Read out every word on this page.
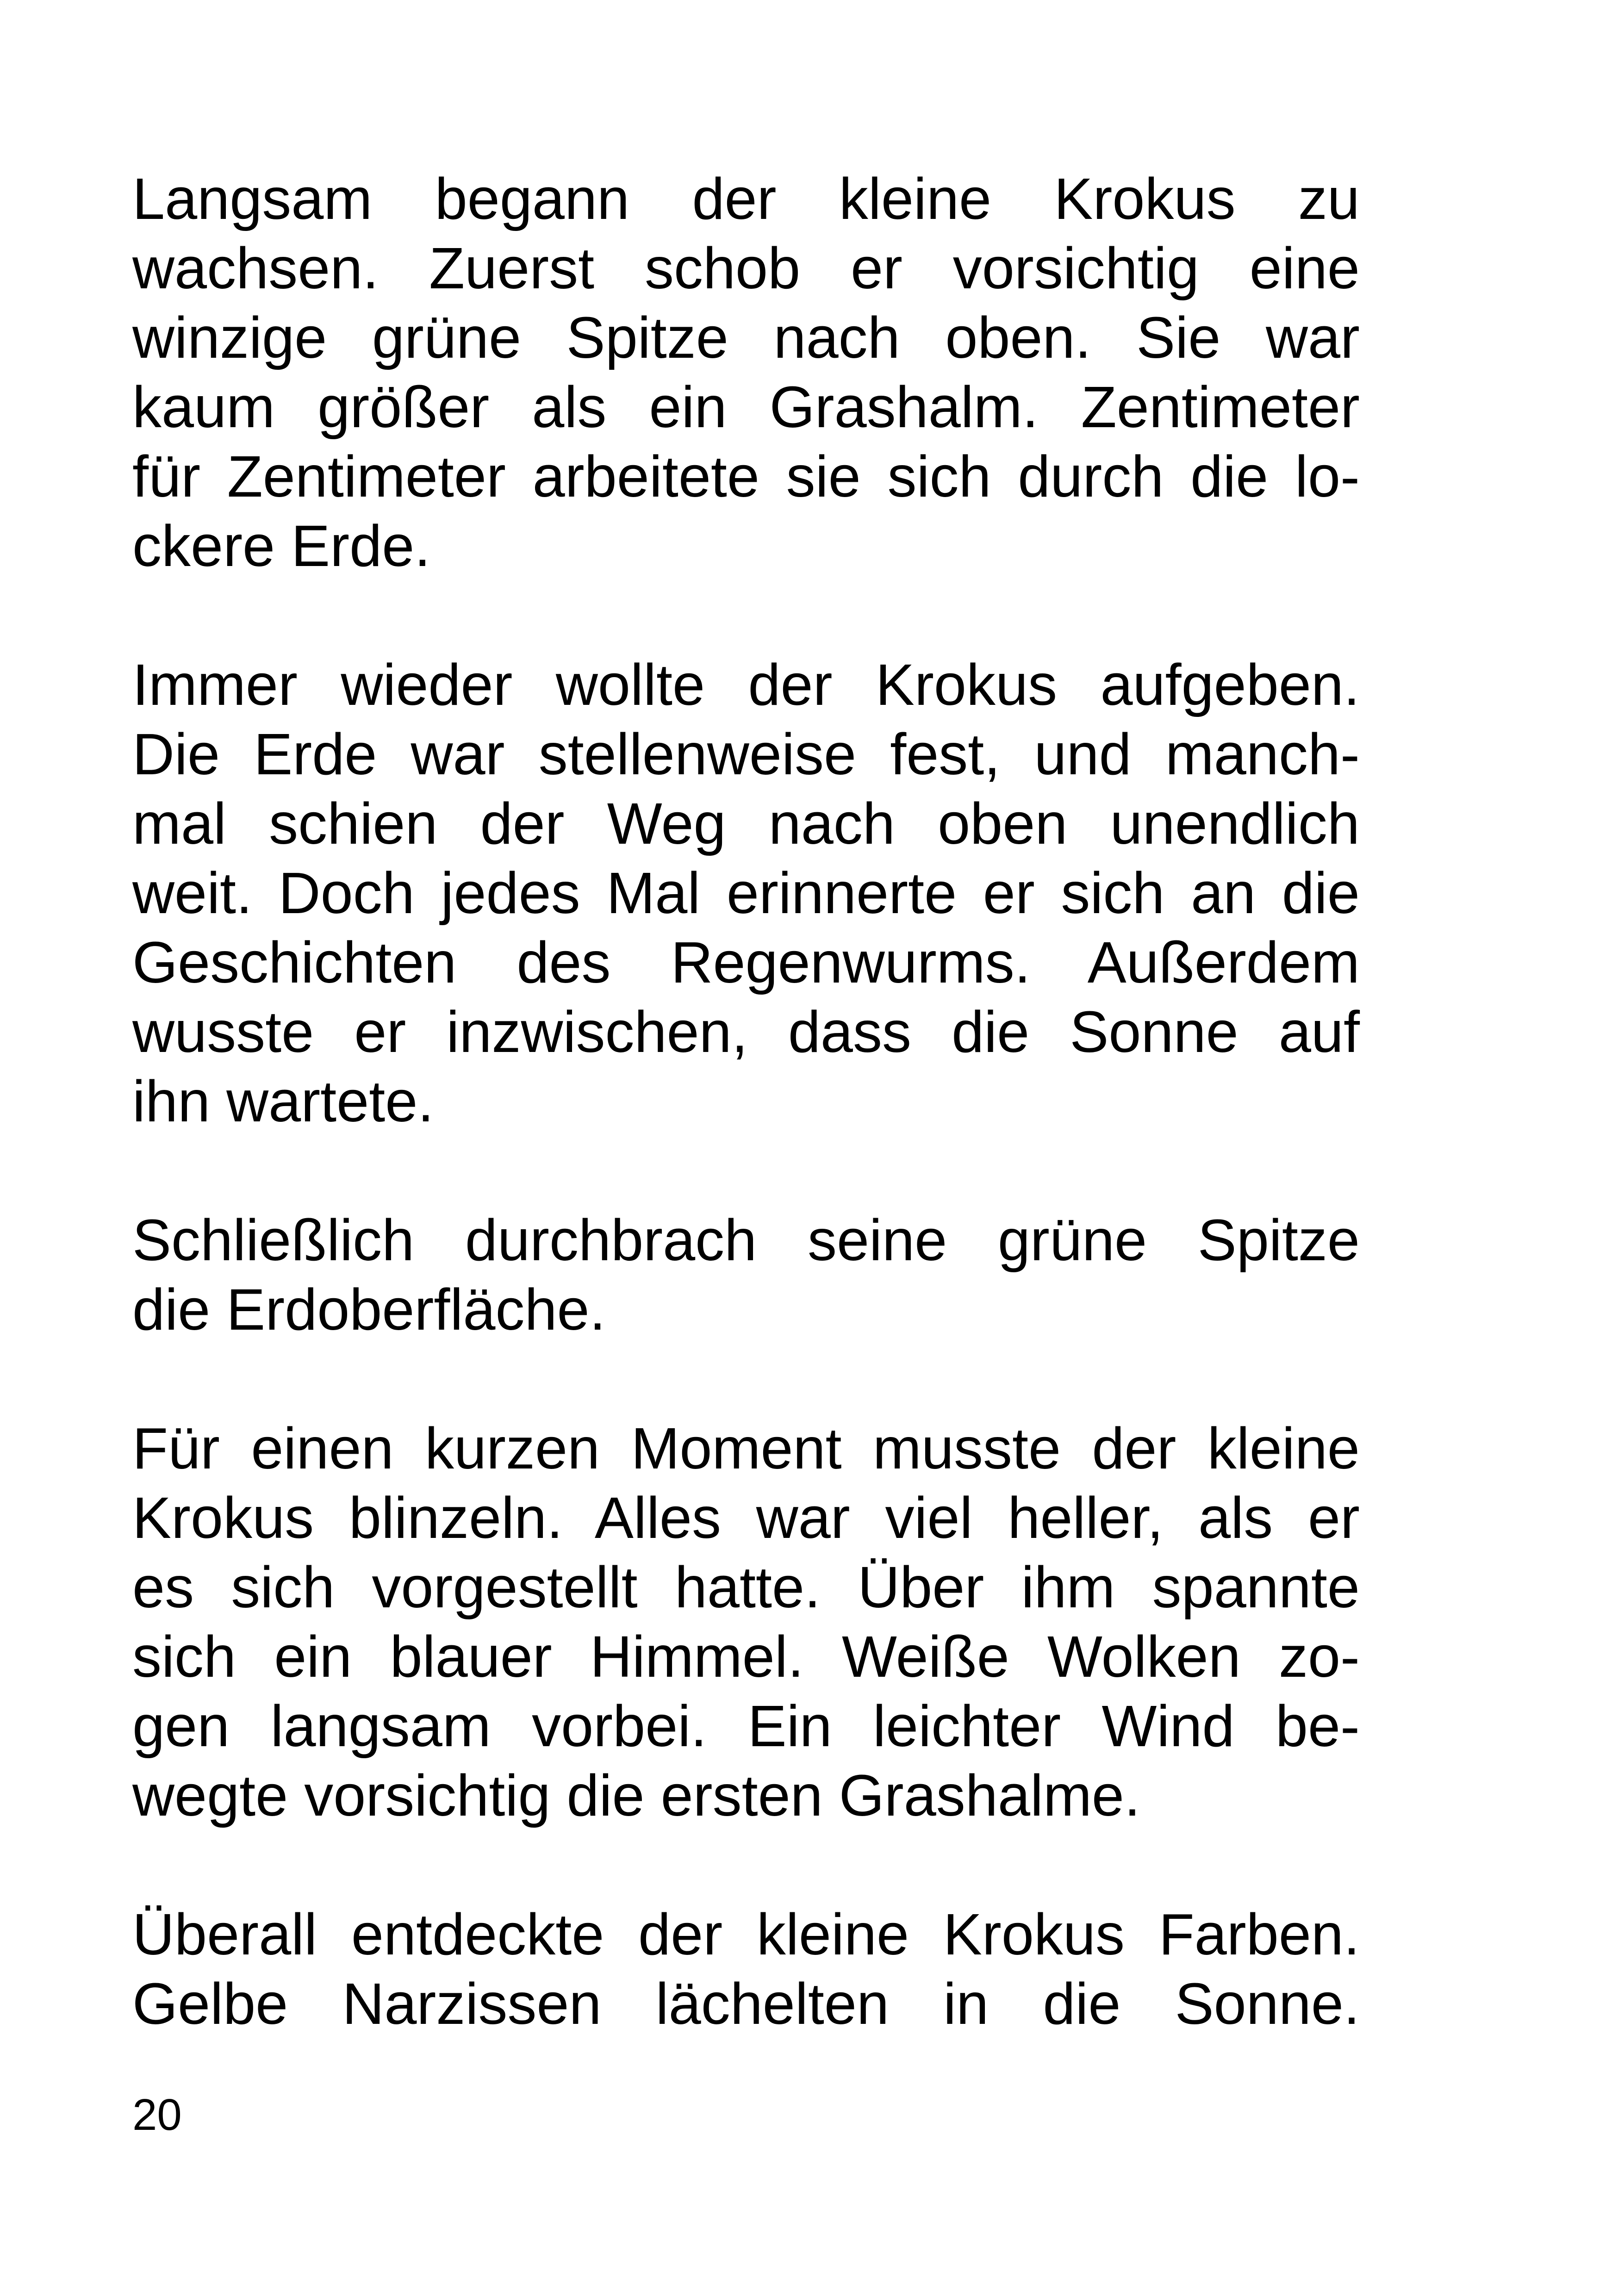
Langsam begann der kleine Krokus zu
wachsen. Zuerst schob er vorsichtig eine
winzige grüne Spitze nach oben. Sie war
kaum größer als ein Grashalm. Zentimeter
für Zentimeter arbeitete sie sich durch die lo-
ckere Erde.
Immer wieder wollte der Krokus aufgeben.
Die Erde war stellenweise fest, und manch-
mal schien der Weg nach oben unendlich
weit. Doch jedes Mal erinnerte er sich an die
Geschichten des Regenwurms. Außerdem
wusste er inzwischen, dass die Sonne auf
ihn wartete.
Schließlich durchbrach seine grüne Spitze
die Erdoberfläche.
Für einen kurzen Moment musste der kleine
Krokus blinzeln. Alles war viel heller, als er
es sich vorgestellt hatte. Über ihm spannte
sich ein blauer Himmel. Weiße Wolken zo-
gen langsam vorbei. Ein leichter Wind be-
wegte vorsichtig die ersten Grashalme.
Überall entdeckte der kleine Krokus Farben.
Gelbe Narzissen lächelten in die Sonne.
20
